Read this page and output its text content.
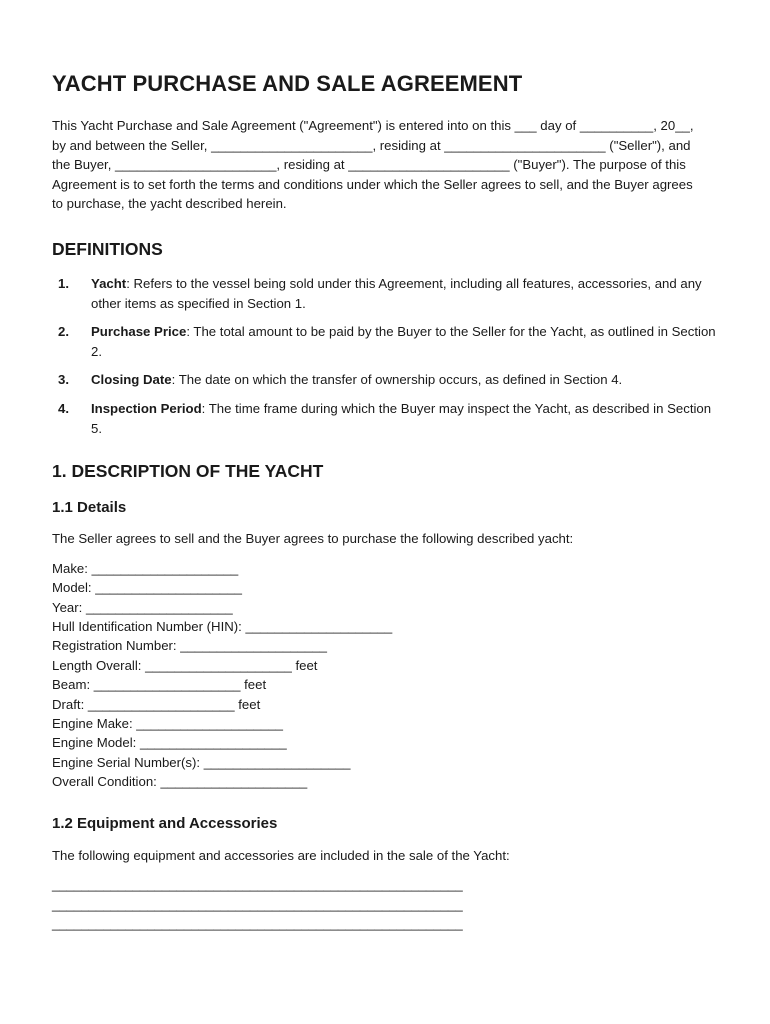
YACHT PURCHASE AND SALE AGREEMENT

This Yacht Purchase and Sale Agreement ("Agreement") is entered into on this ___ day of __________, 20__, by and between the Seller, ______________________, residing at ______________________ ("Seller"), and the Buyer, ______________________, residing at ______________________ ("Buyer"). The purpose of this Agreement is to set forth the terms and conditions under which the Seller agrees to sell, and the Buyer agrees to purchase, the yacht described herein.

DEFINITIONS
1. Yacht: Refers to the vessel being sold under this Agreement, including all features, accessories, and any other items as specified in Section 1.
2. Purchase Price: The total amount to be paid by the Buyer to the Seller for the Yacht, as outlined in Section 2.
3. Closing Date: The date on which the transfer of ownership occurs, as defined in Section 4.
4. Inspection Period: The time frame during which the Buyer may inspect the Yacht, as described in Section 5.
1. DESCRIPTION OF THE YACHT
1.1 Details

The Seller agrees to sell and the Buyer agrees to purchase the following described yacht:

Make: ____________________
Model: ____________________
Year: ____________________
Hull Identification Number (HIN): ____________________
Registration Number: ____________________
Length Overall: ____________________ feet
Beam: ____________________ feet
Draft: ____________________ feet
Engine Make: ____________________
Engine Model: ____________________
Engine Serial Number(s): ____________________
Overall Condition: ____________________
1.2 Equipment and Accessories

The following equipment and accessories are included in the sale of the Yacht:

________________________________________________________
________________________________________________________
________________________________________________________
